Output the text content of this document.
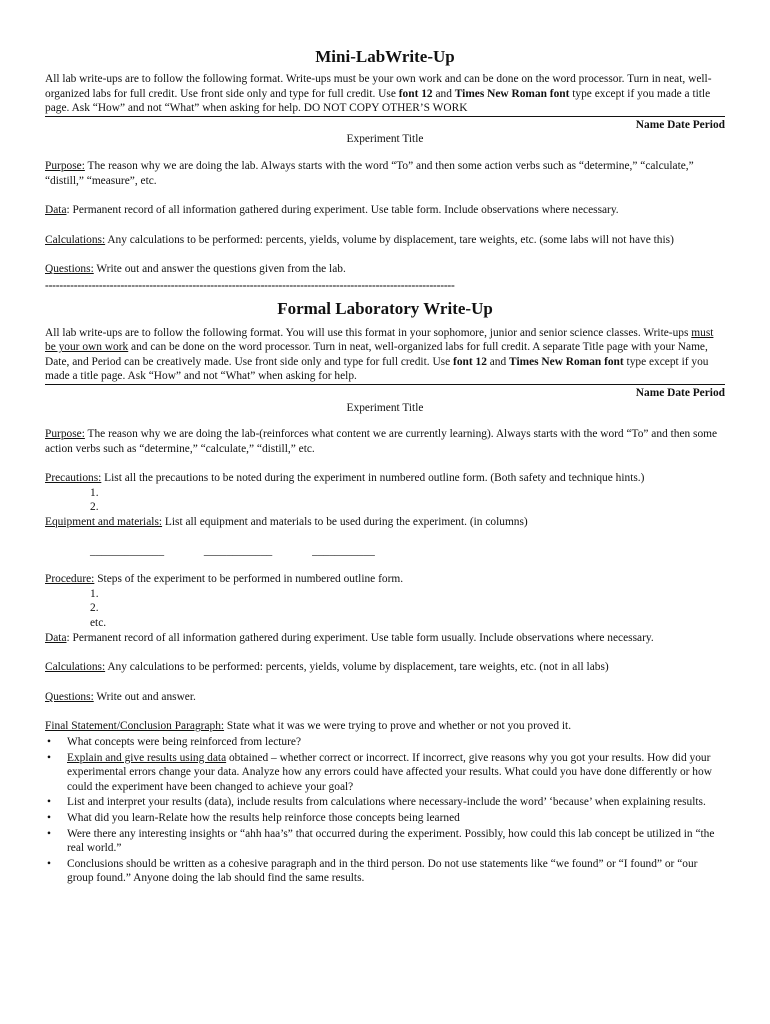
Mini-LabWrite-Up

All lab write-ups are to follow the following format. Write-ups must be your own work and can be done on the word processor. Turn in neat, well-organized labs for full credit. Use front side only and type for full credit. Use font 12 and Times New Roman font type except if you made a title page. Ask “How” and not “What” when asking for help. DO NOT COPY OTHER’S WORK

Name Date Period

Experiment Title

Purpose: The reason why we are doing the lab. Always starts with the word “To” and then some action verbs such as “determine,” “calculate,” “distill,” “measure”, etc.

Data: Permanent record of all information gathered during experiment. Use table form. Include observations where necessary.

Calculations: Any calculations to be performed: percents, yields, volume by displacement, tare weights, etc. (some labs will not have this)

Questions: Write out and answer the questions given from the lab.

------------------------------------------------------------------------------------------------------------------
Formal Laboratory Write-Up

All lab write-ups are to follow the following format. You will use this format in your sophomore, junior and senior science classes. Write-ups must be your own work and can be done on the word processor. Turn in neat, well-organized labs for full credit. A separate Title page with your Name, Date, and Period can be creatively made. Use front side only and type for full credit. Use font 12 and Times New Roman font type except if you made a title page. Ask “How” and not “What” when asking for help.

Name Date Period

Experiment Title

Purpose: The reason why we are doing the lab-(reinforces what content we are currently learning). Always starts with the word “To” and then some action verbs such as “determine,” “calculate,” “distill,” etc.

Precautions: List all the precautions to be noted during the experiment in numbered outline form. (Both safety and technique hints.)

1.

2.

Equipment and materials: List all equipment and materials to be used during the experiment. (in columns)

_____________              ____________              ___________

Procedure: Steps of the experiment to be performed in numbered outline form.

1.

2.

etc.

Data: Permanent record of all information gathered during experiment. Use table form usually. Include observations where necessary.

Calculations: Any calculations to be performed: percents, yields, volume by displacement, tare weights, etc. (not in all labs)

Questions: Write out and answer.

Final Statement/Conclusion Paragraph: State what it was we were trying to prove and whether or not you proved it.

• What concepts were being reinforced from lecture?
• Explain and give results using data obtained – whether correct or incorrect. If incorrect, give reasons why you got your results. How did your experimental errors change your data. Analyze how any errors could have affected your results. What could you have done differently or how could the experiment have been changed to achieve your goal?
• List and interpret your results (data), include results from calculations where necessary-include the word’ ‘because’ when explaining results.
• What did you learn-Relate how the results help reinforce those concepts being learned
• Were there any interesting insights or “ahh haa’s” that occurred during the experiment. Possibly, how could this lab concept be utilized in “the real world.”
• Conclusions should be written as a cohesive paragraph and in the third person. Do not use statements like “we found” or “I found” or “our group found.” Anyone doing the lab should find the same results.
